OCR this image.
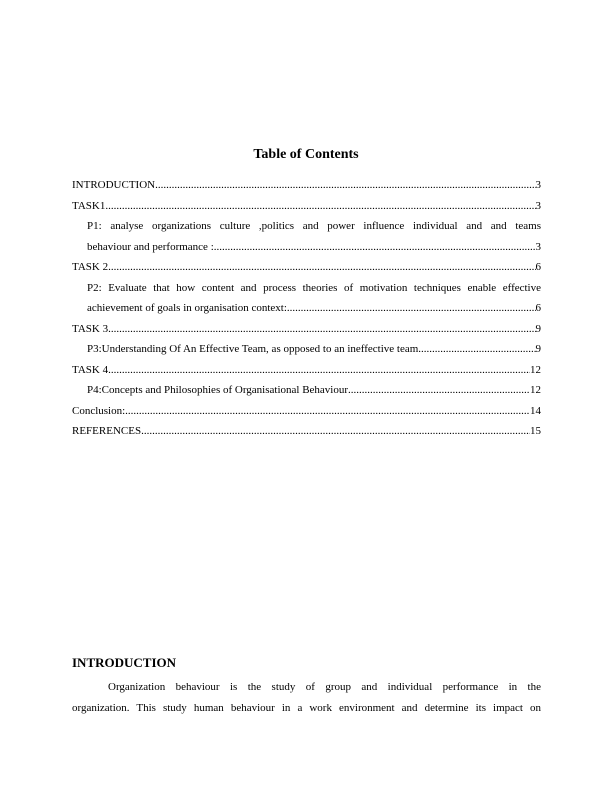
Table of Contents
INTRODUCTION .....	3
TASK1 .....	3
P1: analyse organizations culture ,politics and power influence individual and and teams
behaviour and performance : .....	3
TASK 2 .....	6
P2: Evaluate that how content and process theories of motivation techniques enable effective
achievement of goals in organisation context: .....	6
TASK 3 .....	9
P3:Understanding Of An Effective Team, as opposed to an ineffective team .....	9
TASK 4 .....	12
P4:Concepts and Philosophies of Organisational Behaviour .....	12
Conclusion: .....	14
REFERENCES .....	15
INTRODUCTION
Organization behaviour is the study of group and individual performance in the
organization. This study human behaviour in a work environment and determine its impact on
